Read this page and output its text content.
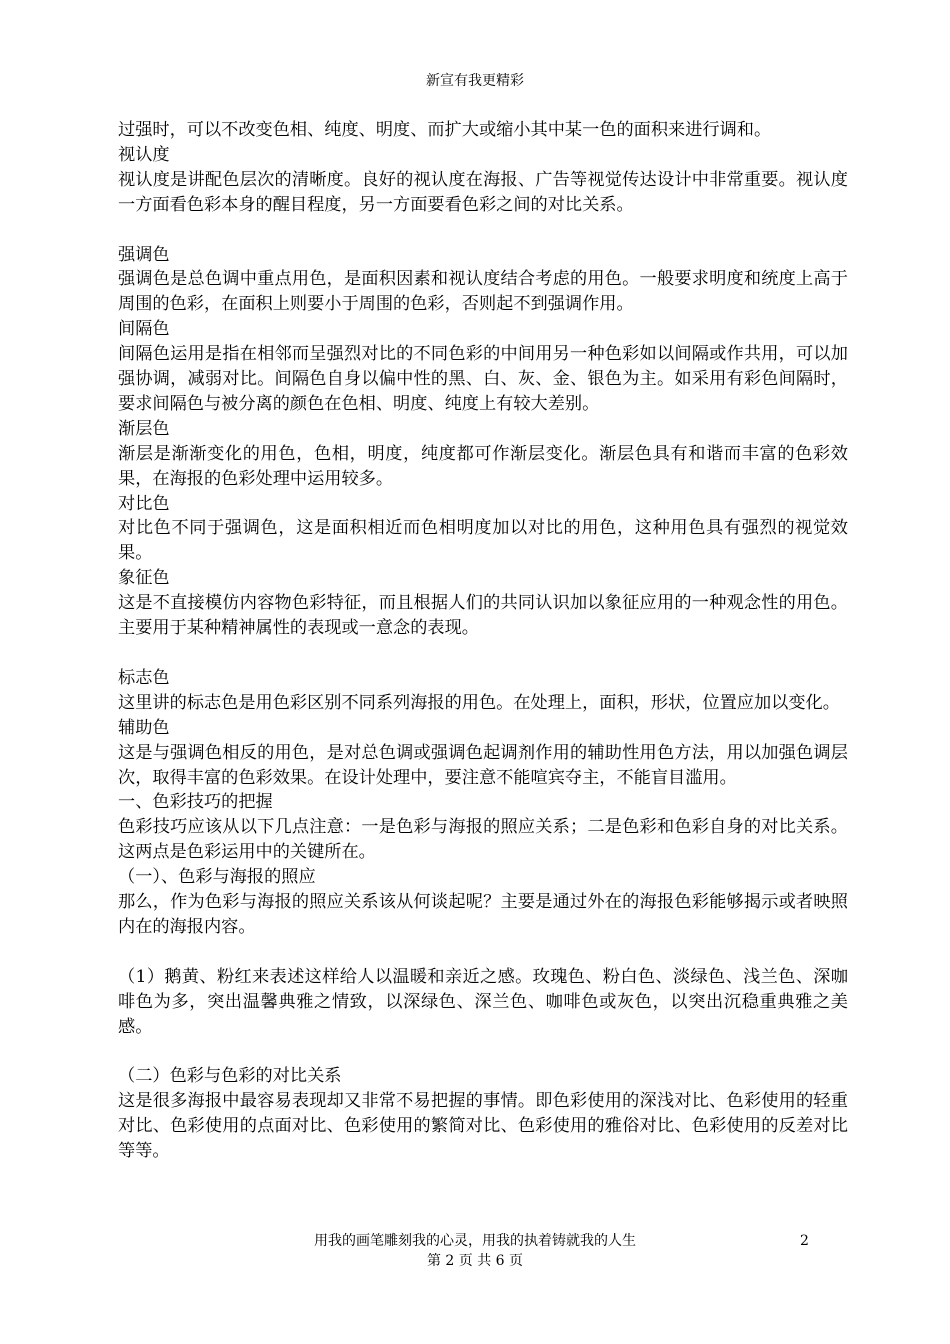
新宣有我更精彩

过强时，可以不改变色相、纯度、明度、而扩大或缩小其中某一色的面积来进行调和。

视认度

视认度是讲配色层次的清晰度。良好的视认度在海报、广告等视觉传达设计中非常重要。视认度一方面看色彩本身的醒目程度，另一方面要看色彩之间的对比关系。

强调色

强调色是总色调中重点用色，是面积因素和视认度结合考虑的用色。一般要求明度和统度上高于周围的色彩，在面积上则要小于周围的色彩，否则起不到强调作用。

间隔色

间隔色运用是指在相邻而呈强烈对比的不同色彩的中间用另一种色彩如以间隔或作共用，可以加强协调，减弱对比。间隔色自身以偏中性的黑、白、灰、金、银色为主。如采用有彩色间隔时，要求间隔色与被分离的颜色在色相、明度、纯度上有较大差别。

渐层色

渐层是渐渐变化的用色，色相，明度，纯度都可作渐层变化。渐层色具有和谐而丰富的色彩效果，在海报的色彩处理中运用较多。

对比色

对比色不同于强调色，这是面积相近而色相明度加以对比的用色，这种用色具有强烈的视觉效果。

象征色

这是不直接模仿内容物色彩特征，而且根据人们的共同认识加以象征应用的一种观念性的用色。主要用于某种精神属性的表现或一意念的表现。

标志色

这里讲的标志色是用色彩区别不同系列海报的用色。在处理上，面积，形状，位置应加以变化。

辅助色

这是与强调色相反的用色，是对总色调或强调色起调剂作用的辅助性用色方法，用以加强色调层次，取得丰富的色彩效果。在设计处理中，要注意不能喧宾夺主，不能盲目滥用。

一、色彩技巧的把握

色彩技巧应该从以下几点注意：一是色彩与海报的照应关系；二是色彩和色彩自身的对比关系。这两点是色彩运用中的关键所在。

（一）、色彩与海报的照应

那么，作为色彩与海报的照应关系该从何谈起呢？主要是通过外在的海报色彩能够揭示或者映照内在的海报内容。

（1）鹅黄、粉红来表述这样给人以温暖和亲近之感。玫瑰色、粉白色、淡绿色、浅兰色、深咖啡色为多，突出温馨典雅之情致，以深绿色、深兰色、咖啡色或灰色，以突出沉稳重典雅之美感。

（二）色彩与色彩的对比关系

这是很多海报中最容易表现却又非常不易把握的事情。即色彩使用的深浅对比、色彩使用的轻重对比、色彩使用的点面对比、色彩使用的繁简对比、色彩使用的雅俗对比、色彩使用的反差对比等等。

用我的画笔雕刻我的心灵，用我的执着铸就我的人生	2
第 2 页 共 6 页
